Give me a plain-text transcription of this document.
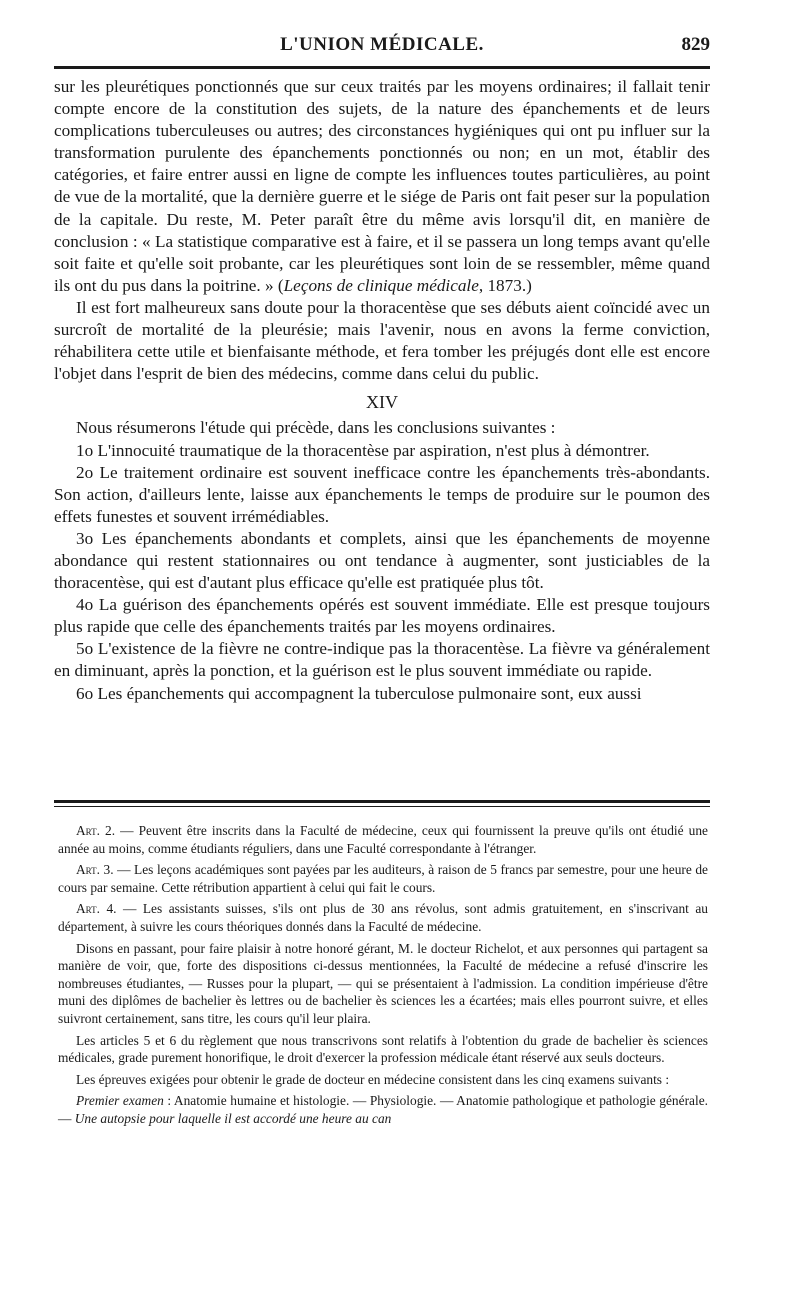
L'UNION MÉDICALE.	829

sur les pleurétiques ponctionnés que sur ceux traités par les moyens ordinaires; il fallait tenir compte encore de la constitution des sujets, de la nature des épanchements et de leurs complications tuberculeuses ou autres; des circonstances hygiéniques qui ont pu influer sur la transformation purulente des épanchements ponctionnés ou non; en un mot, établir des catégories, et faire entrer aussi en ligne de compte les influences toutes particulières, au point de vue de la mortalité, que la dernière guerre et le siége de Paris ont fait peser sur la population de la capitale. Du reste, M. Peter paraît être du même avis lorsqu'il dit, en manière de conclusion : « La statistique comparative est à faire, et il se passera un long temps avant qu'elle soit faite et qu'elle soit probante, car les pleurétiques sont loin de se ressembler, même quand ils ont du pus dans la poitrine. » (Leçons de clinique médicale, 1873.)

Il est fort malheureux sans doute pour la thoracentèse que ses débuts aient coïncidé avec un surcroît de mortalité de la pleurésie; mais l'avenir, nous en avons la ferme conviction, réhabilitera cette utile et bienfaisante méthode, et fera tomber les préjugés dont elle est encore l'objet dans l'esprit de bien des médecins, comme dans celui du public.

XIV

Nous résumerons l'étude qui précède, dans les conclusions suivantes :

1o L'innocuité traumatique de la thoracentèse par aspiration, n'est plus à démontrer.

2o Le traitement ordinaire est souvent inefficace contre les épanchements très-abondants. Son action, d'ailleurs lente, laisse aux épanchements le temps de produire sur le poumon des effets funestes et souvent irrémédiables.

3o Les épanchements abondants et complets, ainsi que les épanchements de moyenne abondance qui restent stationnaires ou ont tendance à augmenter, sont justiciables de la thoracentèse, qui est d'autant plus efficace qu'elle est pratiquée plus tôt.

4o La guérison des épanchements opérés est souvent immédiate. Elle est presque toujours plus rapide que celle des épanchements traités par les moyens ordinaires.

5o L'existence de la fièvre ne contre-indique pas la thoracentèse. La fièvre va généralement en diminuant, après la ponction, et la guérison est le plus souvent immédiate ou rapide.

6o Les épanchements qui accompagnent la tuberculose pulmonaire sont, eux aussi

Art. 2. — Peuvent être inscrits dans la Faculté de médecine, ceux qui fournissent la preuve qu'ils ont étudié une année au moins, comme étudiants réguliers, dans une Faculté correspondante à l'étranger.

Art. 3. — Les leçons académiques sont payées par les auditeurs, à raison de 5 francs par semestre, pour une heure de cours par semaine. Cette rétribution appartient à celui qui fait le cours.

Art. 4. — Les assistants suisses, s'ils ont plus de 30 ans révolus, sont admis gratuitement, en s'inscrivant au département, à suivre les cours théoriques donnés dans la Faculté de médecine.

Disons en passant, pour faire plaisir à notre honoré gérant, M. le docteur Richelot, et aux personnes qui partagent sa manière de voir, que, forte des dispositions ci-dessus mentionnées, la Faculté de médecine a refusé d'inscrire les nombreuses étudiantes, — Russes pour la plupart, — qui se présentaient à l'admission. La condition impérieuse d'être muni des diplômes de bachelier ès lettres ou de bachelier ès sciences les a écartées; mais elles pourront suivre, et elles suivront certainement, sans titre, les cours qu'il leur plaira.

Les articles 5 et 6 du règlement que nous transcrivons sont relatifs à l'obtention du grade de bachelier ès sciences médicales, grade purement honorifique, le droit d'exercer la profession médicale étant réservé aux seuls docteurs.

Les épreuves exigées pour obtenir le grade de docteur en médecine consistent dans les cinq examens suivants :

Premier examen : Anatomie humaine et histologie. — Physiologie. — Anatomie pathologique et pathologie générale. — Une autopsie pour laquelle il est accordé une heure au can
